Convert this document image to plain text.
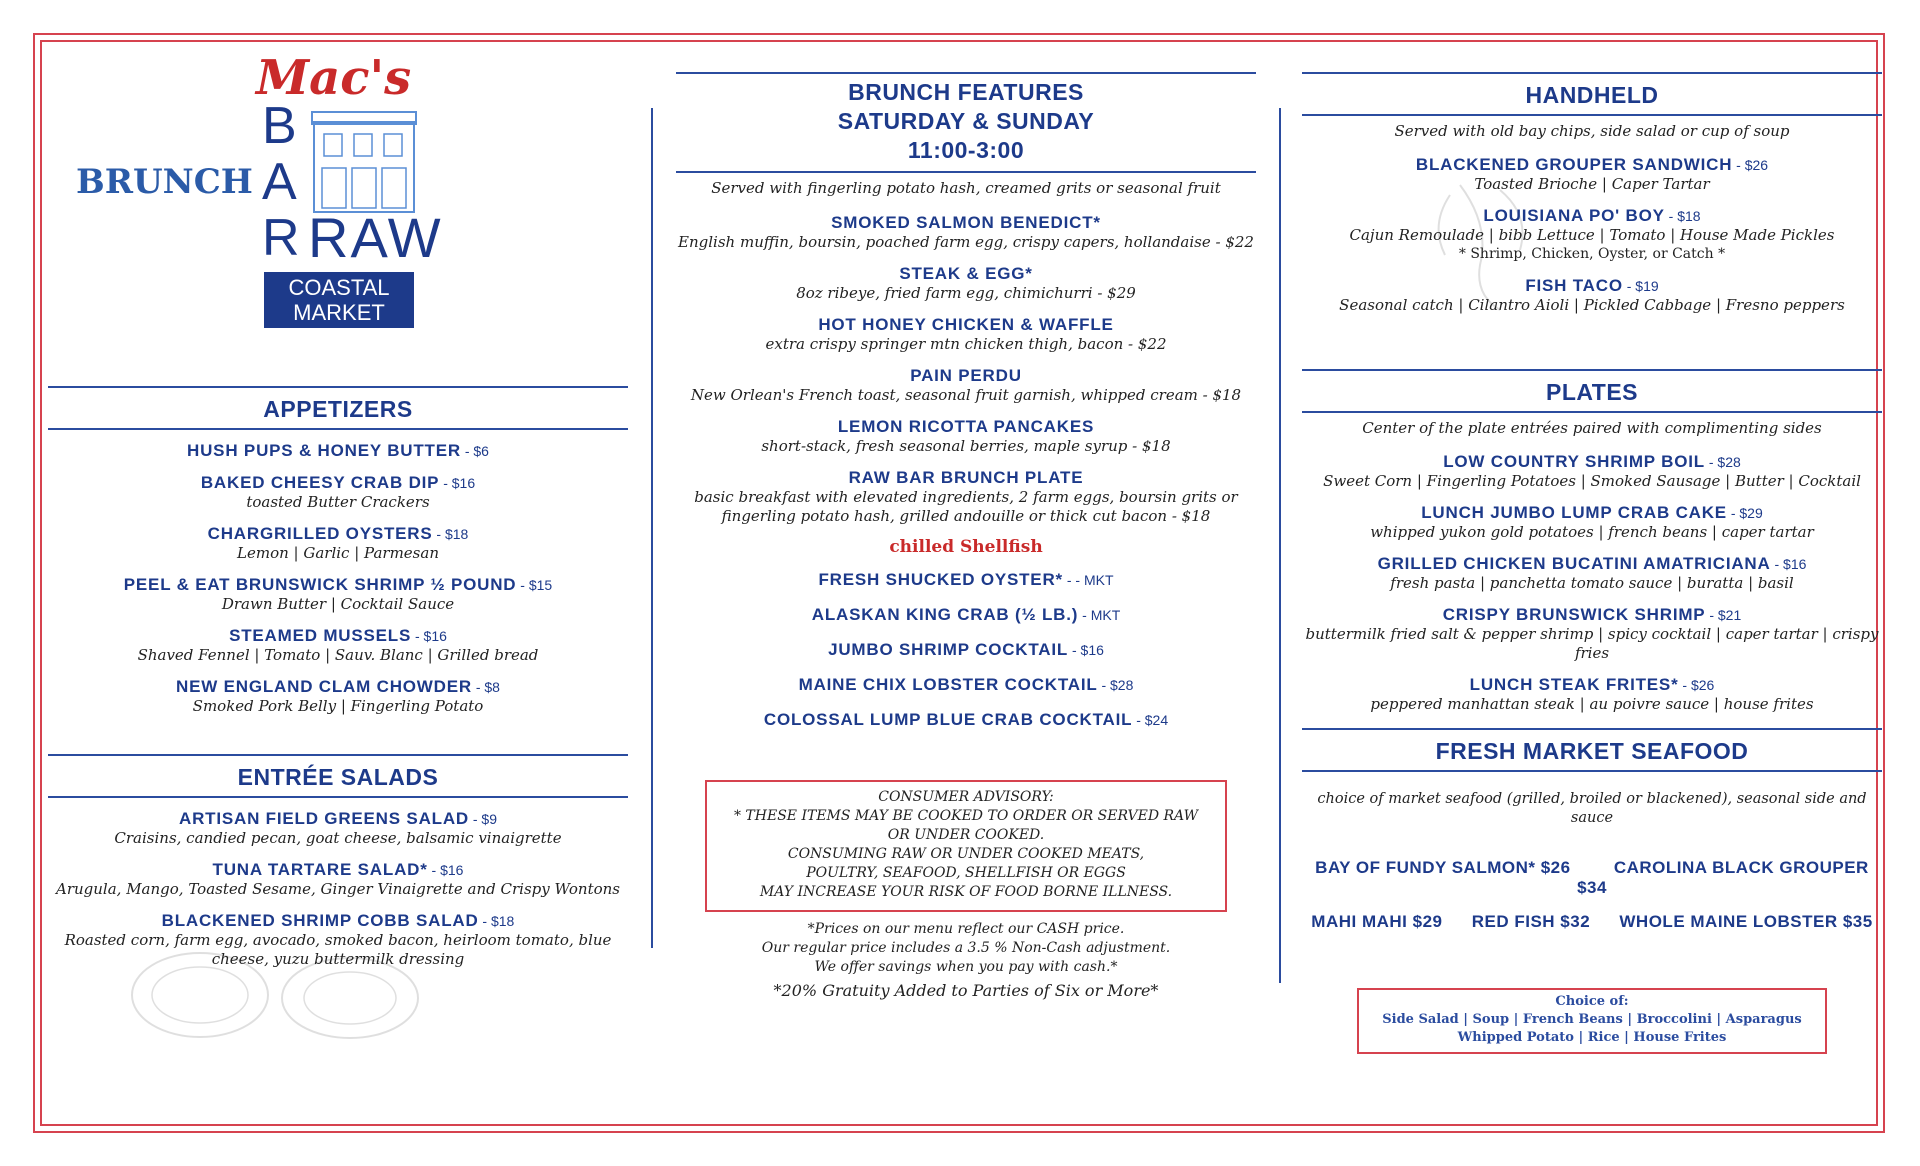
Mac's
BRUNCH
B
A
R RAW
COASTAL
MARKET
APPETIZERS
HUSH PUPS & HONEY BUTTER - $6
BAKED CHEESY CRAB DIP - $16
toasted Butter Crackers
CHARGRILLED OYSTERS - $18
Lemon | Garlic | Parmesan
PEEL & EAT BRUNSWICK SHRIMP ½ POUND - $15
Drawn Butter | Cocktail Sauce
STEAMED MUSSELS - $16
Shaved Fennel | Tomato | Sauv. Blanc | Grilled bread
NEW ENGLAND CLAM CHOWDER - $8
Smoked Pork Belly | Fingerling Potato
ENTRÉE SALADS
ARTISAN FIELD GREENS SALAD - $9
Craisins, candied pecan, goat cheese, balsamic vinaigrette
TUNA TARTARE SALAD* - $16
Arugula, Mango, Toasted Sesame, Ginger Vinaigrette and Crispy Wontons
BLACKENED SHRIMP COBB SALAD - $18
Roasted corn, farm egg, avocado, smoked bacon, heirloom tomato, blue cheese, yuzu buttermilk dressing
BRUNCH FEATURES
SATURDAY & SUNDAY
11:00-3:00
Served with fingerling potato hash, creamed grits or seasonal fruit
SMOKED SALMON BENEDICT*
English muffin, boursin, poached farm egg, crispy capers, hollandaise - $22
STEAK & EGG*
8oz ribeye, fried farm egg, chimichurri - $29
HOT HONEY CHICKEN & WAFFLE
extra crispy springer mtn chicken thigh, bacon - $22
PAIN PERDU
New Orlean's French toast, seasonal fruit garnish, whipped cream - $18
LEMON RICOTTA PANCAKES
short-stack, fresh seasonal berries, maple syrup - $18
RAW BAR BRUNCH PLATE
basic breakfast with elevated ingredients, 2 farm eggs, boursin grits or fingerling potato hash, grilled andouille or thick cut bacon - $18
chilled Shellfish
FRESH SHUCKED OYSTER* - - MKT
ALASKAN KING CRAB (½ LB.) - MKT
JUMBO SHRIMP COCKTAIL - $16
MAINE CHIX LOBSTER COCKTAIL - $28
COLOSSAL LUMP BLUE CRAB COCKTAIL - $24
CONSUMER ADVISORY:
* THESE ITEMS MAY BE COOKED TO ORDER OR SERVED RAW
OR UNDER COOKED.
CONSUMING RAW OR UNDER COOKED MEATS,
POULTRY, SEAFOOD, SHELLFISH OR EGGS
MAY INCREASE YOUR RISK OF FOOD BORNE ILLNESS.
*Prices on our menu reflect our CASH price.
Our regular price includes a 3.5 % Non-Cash adjustment.
We offer savings when you pay with cash.*
*20% Gratuity Added to Parties of Six or More*
HANDHELD
Served with old bay chips, side salad or cup of soup
BLACKENED GROUPER SANDWICH - $26
Toasted Brioche | Caper Tartar
LOUISIANA PO' BOY - $18
Cajun Remoulade | bibb Lettuce | Tomato | House Made Pickles
* Shrimp, Chicken, Oyster, or Catch *
FISH TACO - $19
Seasonal catch | Cilantro Aioli | Pickled Cabbage | Fresno peppers
PLATES
Center of the plate entrées paired with complimenting sides
LOW COUNTRY SHRIMP BOIL - $28
Sweet Corn | Fingerling Potatoes | Smoked Sausage | Butter | Cocktail
LUNCH JUMBO LUMP CRAB CAKE - $29
whipped yukon gold potatoes | french beans | caper tartar
GRILLED CHICKEN BUCATINI AMATRICIANA - $16
fresh pasta | panchetta tomato sauce | buratta | basil
CRISPY BRUNSWICK SHRIMP - $21
buttermilk fried salt & pepper shrimp | spicy cocktail | caper tartar | crispy fries
LUNCH STEAK FRITES* - $26
peppered manhattan steak | au poivre sauce | house frites
FRESH MARKET SEAFOOD
choice of market seafood (grilled, broiled or blackened), seasonal side and sauce
BAY OF FUNDY SALMON* $26	CAROLINA BLACK GROUPER $34
MAHI MAHI $29 RED FISH $32 WHOLE MAINE LOBSTER $35
Choice of:
Side Salad | Soup | French Beans | Broccolini | Asparagus
Whipped Potato | Rice | House Frites
